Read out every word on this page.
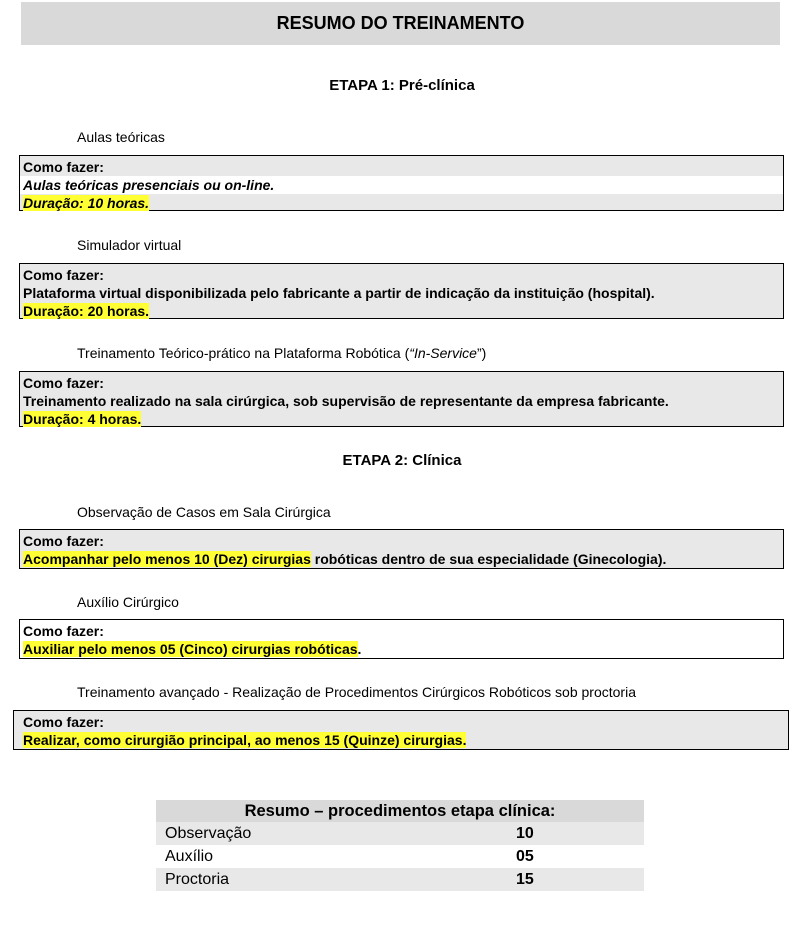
RESUMO DO TREINAMENTO
ETAPA 1: Pré-clínica
Aulas teóricas
Como fazer:
Aulas teóricas presenciais ou on-line.
Duração: 10 horas.
Simulador virtual
Como fazer:
Plataforma virtual disponibilizada pelo fabricante a partir de indicação da instituição (hospital).
Duração: 20 horas.
Treinamento Teórico-prático na Plataforma Robótica (“In-Service”)
Como fazer:
Treinamento realizado na sala cirúrgica, sob supervisão de representante da empresa fabricante.
Duração: 4 horas.
ETAPA 2: Clínica
Observação de Casos em Sala Cirúrgica
Como fazer:
Acompanhar pelo menos 10 (Dez) cirurgias robóticas dentro de sua especialidade (Ginecologia).
Auxílio Cirúrgico
Como fazer:
Auxiliar pelo menos 05 (Cinco) cirurgias robóticas.
Treinamento avançado - Realização de Procedimentos Cirúrgicos Robóticos sob proctoria
Como fazer:
Realizar, como cirurgião principal, ao menos 15 (Quinze) cirurgias.
Resumo – procedimentos etapa clínica:
Observação	10
Auxílio	05
Proctoria	15
